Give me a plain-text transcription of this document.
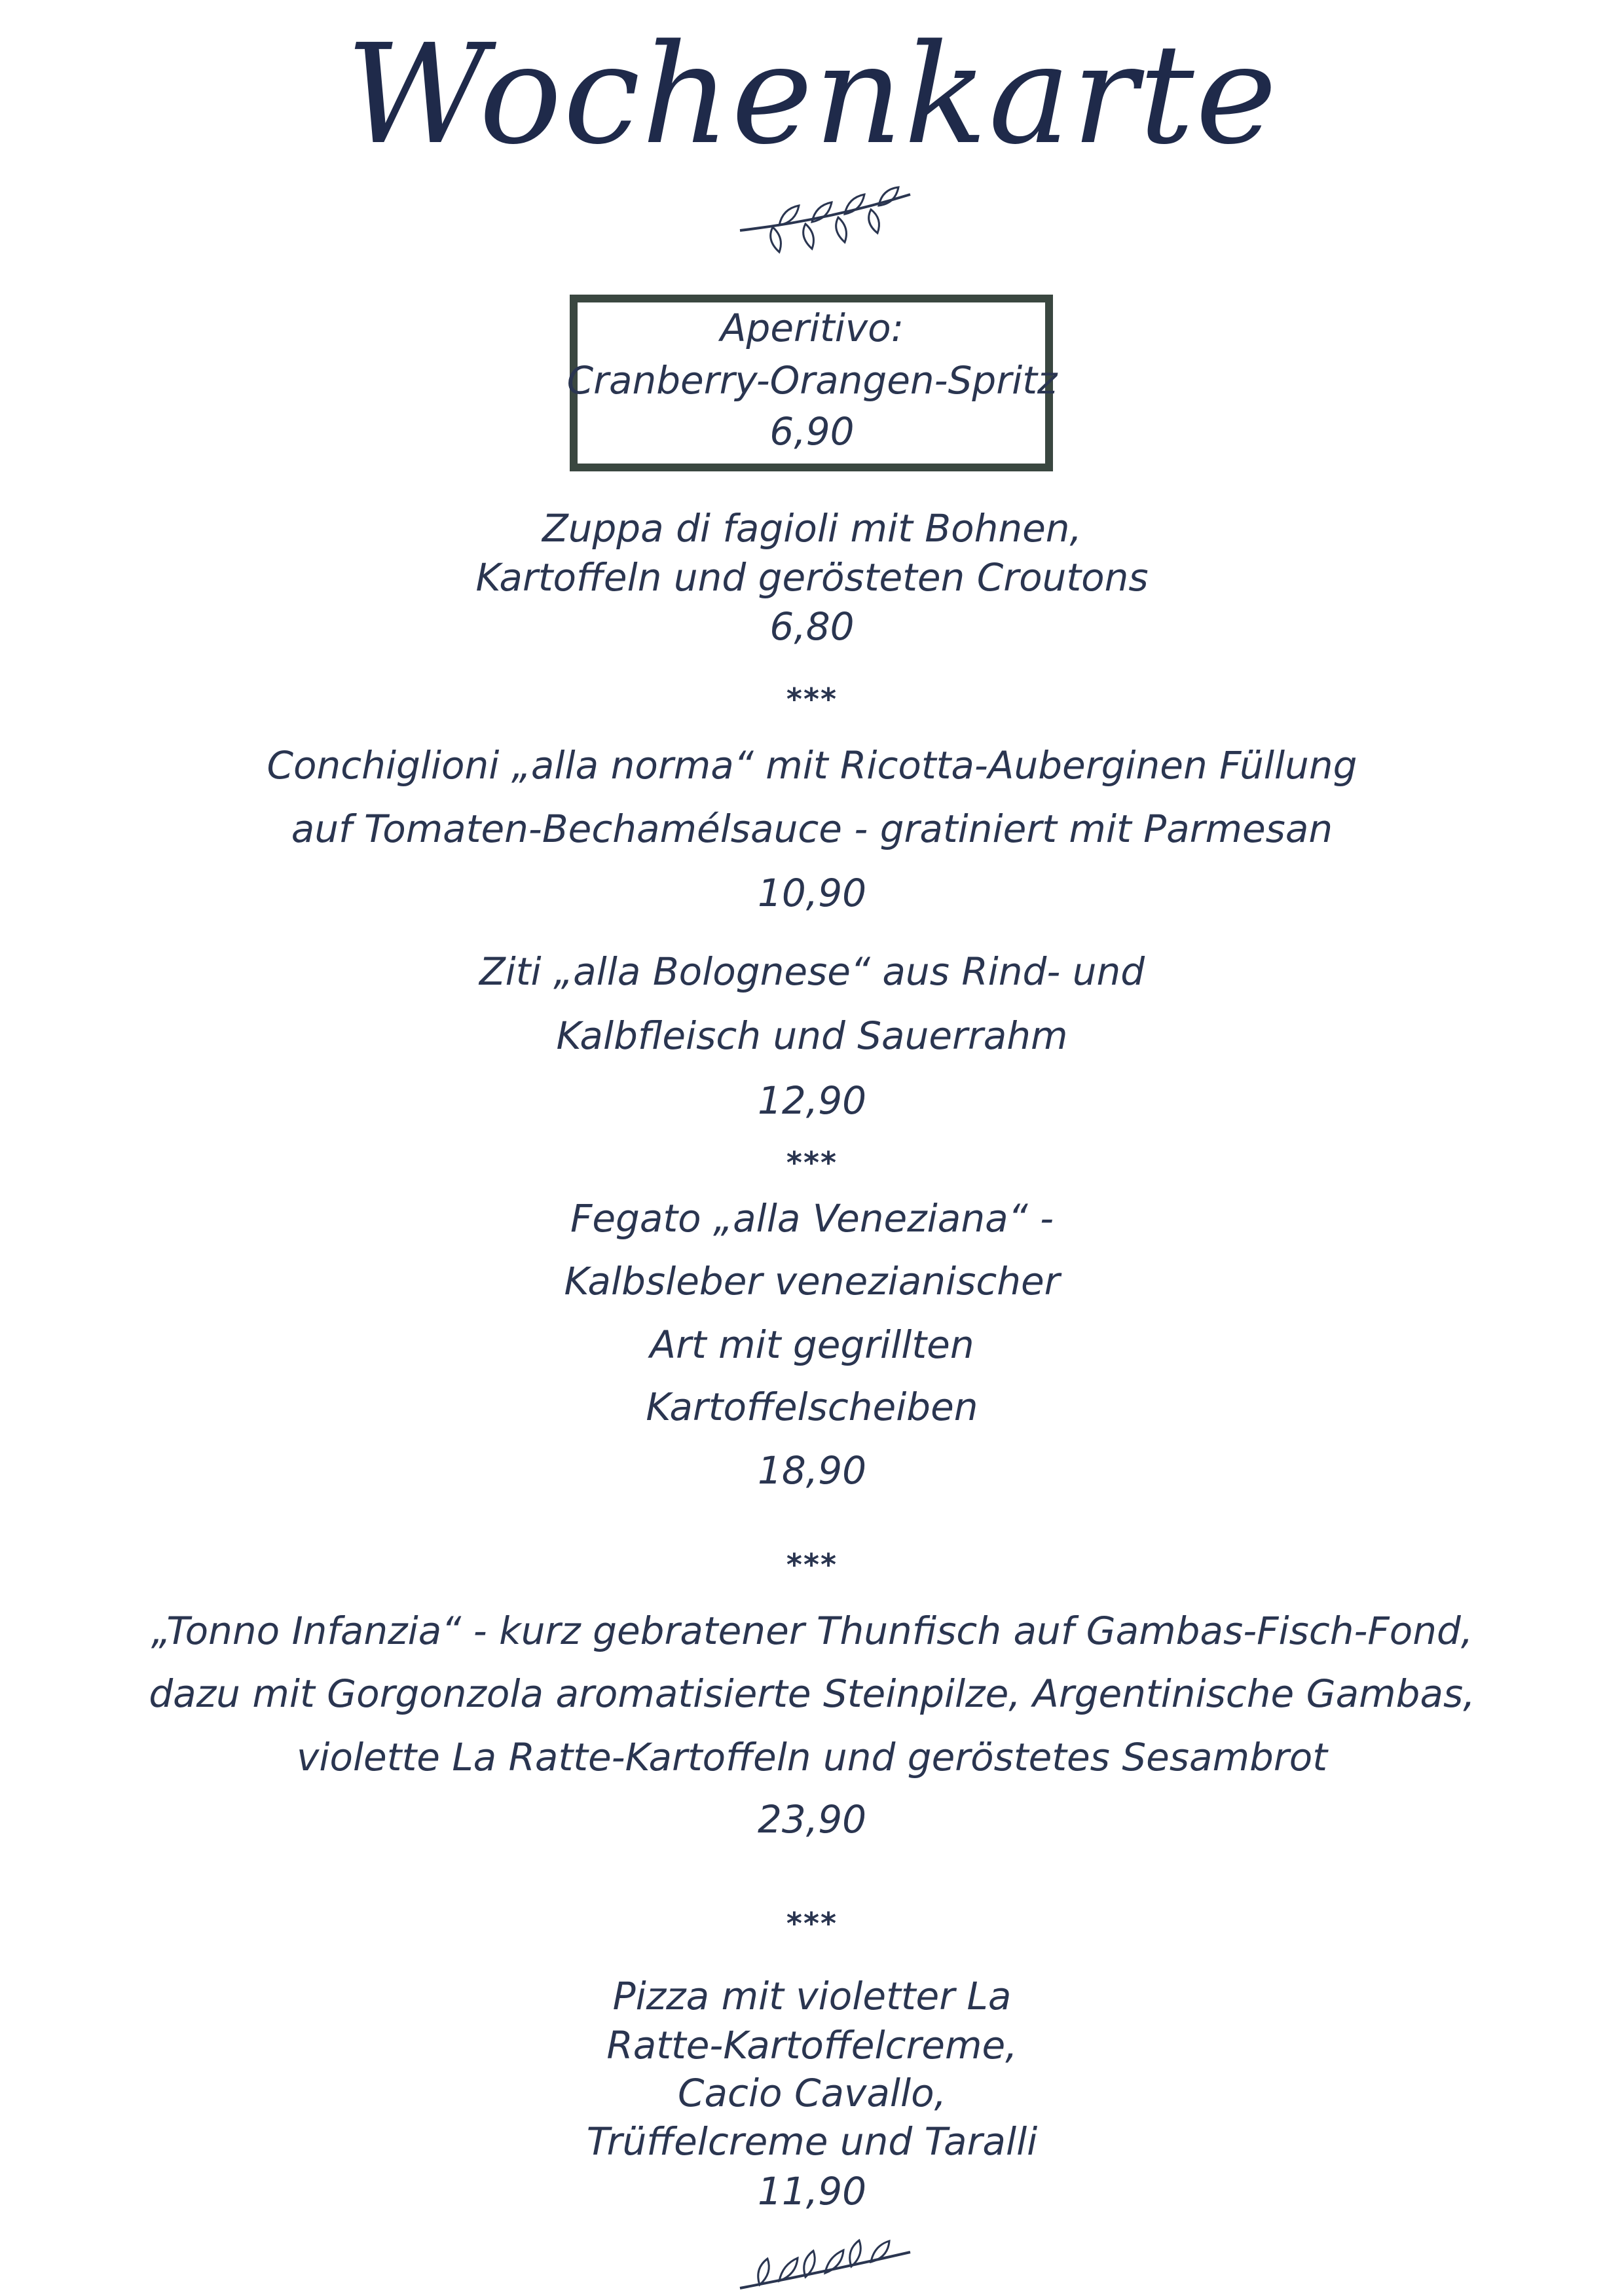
Wochenkarte
Aperitivo:
Cranberry-Orangen-Spritz
6,90
Zuppa di fagioli mit Bohnen,
Kartoffeln und gerösteten Croutons
6,80
***
Conchiglioni „alla norma“ mit Ricotta-Auberginen Füllung
auf Tomaten-Bechamélsauce - gratiniert mit Parmesan
10,90
Ziti „alla Bolognese“ aus Rind- und
Kalbfleisch und Sauerrahm
12,90
***
Fegato „alla Veneziana“ -
Kalbsleber venezianischer
Art mit gegrillten
Kartoffelscheiben
18,90
***
„Tonno Infanzia“ - kurz gebratener Thunfisch auf Gambas-Fisch-Fond,
dazu mit Gorgonzola aromatisierte Steinpilze, Argentinische Gambas,
violette La Ratte-Kartoffeln und geröstetes Sesambrot
23,90
***
Pizza mit violetter La
Ratte-Kartoffelcreme,
Cacio Cavallo,
Trüffelcreme und Taralli
11,90
